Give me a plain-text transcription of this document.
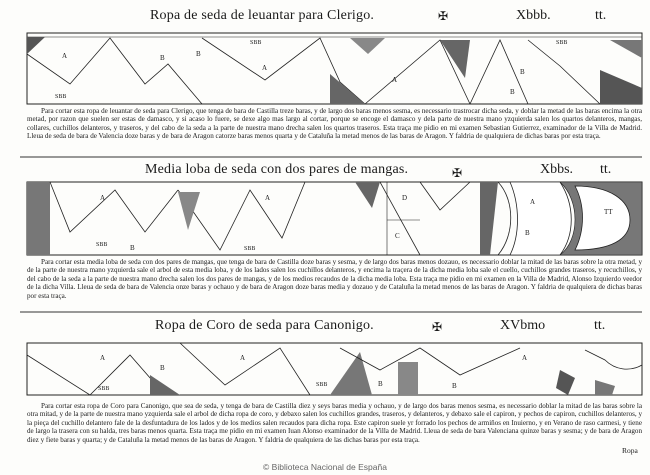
Ropa de seda de leuantar para Clerigo.	✠	Xbbb.	tt.
A	B
SBB
B
A
SBB
A
B
SBB
B
A
B
SBB
SBB
A
C
D
B
A
TT
A
B
SBB
A
SBB	B	B
A

Para cortar esta ropa de leuantar de seda para Clerigo, que tenga de bara de Castilla treze baras, y de largo dos baras menos sesma, es necessario trastrocar dicha seda, y doblar la metad de las baras encima la otra metad, por razon que suelen ser estas de damasco, y si acaso lo fuere, se dexe algo mas largo al cortar, porque se encoge el damasco y dela parte de nuestra mano yzquierda salen los quartos delanteros, mangas, collares, cuchillos delanteros, y traseros, y del cabo de la seda a la parte de nuestra mano drecha salen los quartos traseros. Esta traça me pidio en mi examen Sebastian Gutierrez, examinador de la Villa de Madrid. Lleua de seda de bara de Valencia doze baras y de bara de Aragon catorze baras menos quarta y de Cataluña la metad menos de las baras de Aragon. Y faldria de qualquiera de dichas baras por esta traça.

Media loba de seda con dos pares de mangas.	✠	Xbbs. tt.

Para cortar esta media loba de seda con dos pares de mangas, que tenga de bara de Castilla doze baras y sesma, y de largo dos baras menos dozauo, es necessario doblar la mitad de las baras sobre la otra metad, y de la parte de nuestra mano yzquierda sale el arbol de esta media loba, y de los lados salen los cuchillos delanteros, y encima la traçera de la dicha media loba sale el cuello, cuchillos grandes traseros, y recuchillos, y del cabo de la seda a la parte de nuestra mano drecha salen los dos pares de mangas, y de los medios recaudos de la dicha media loba. Esta traça me pidio en mi examen en la Villa de Madrid, Alonso Izquierdo veedor de la dicha Villa. Lleua de seda de bara de Valencia onze baras y ochauo y de bara de Aragon doze baras media y dozauo y de Cataluña la metad menos de las baras de Aragon. Y faldria de qualquiera de dichas baras por esta traça.

Ropa de Coro de seda para Canonigo.	✠	XVbmo	tt.

Para cortar esta ropa de Coro para Canonigo, que sea de seda, y tenga de bara de Castilla diez y seys baras media y ochauo, y de largo dos baras menos sesma, es necessario doblar la mitad de las baras sobre la otra mitad, y de la parte de nuestra mano yzquierda sale el arbol de dicha ropa de coro, y debaxo salen los cuchillos grandes, traseros, y delanteros, y debaxo sale el capiron, y pechos de capiron, cuchillos delanteros, y la pieça del cuchillo delantero fale de la desfuntadura de los lados y de los medios salen recaudos para dicha ropa. Este capiron suele yr forrado los pechos de armiños en Inuierno, y en Verano de raso carmesi, y tiene de largo la trasera con su halda, tres baras menos quarta. Esta traça me pidio en mi examen Iuan Alonso examinador de la Villa de Madrid. Lleua de seda de bara Valenciana quinze baras y sesma; y de bara de Aragon diez y fiete baras y quarta; y de Cataluña la metad menos de las baras de Aragon. Y faldria de qualquiera de las dichas baras por esta traça.

Ropa
© Biblioteca Nacional de España
